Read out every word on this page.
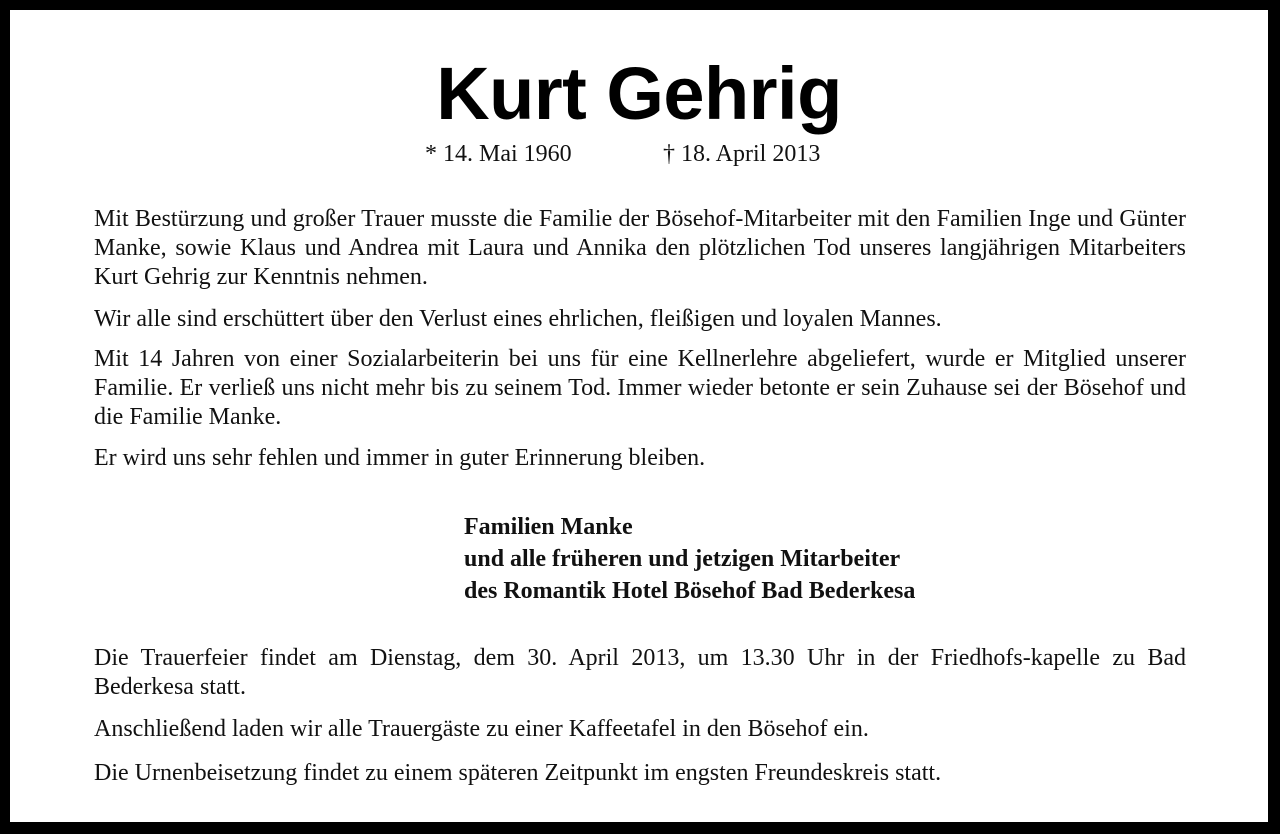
Kurt Gehrig
* 14. Mai 1960	† 18. April 2013

Mit Bestürzung und großer Trauer musste die Familie der Bösehof-Mitarbeiter mit den Familien Inge und Günter Manke, sowie Klaus und Andrea mit Laura und Annika den plötzlichen Tod unseres langjährigen Mitarbeiters Kurt Gehrig zur Kenntnis nehmen.

Wir alle sind erschüttert über den Verlust eines ehrlichen, fleißigen und loyalen Mannes.

Mit 14 Jahren von einer Sozialarbeiterin bei uns für eine Kellnerlehre abgeliefert, wurde er Mitglied unserer Familie. Er verließ uns nicht mehr bis zu seinem Tod. Immer wieder betonte er sein Zuhause sei der Bösehof und die Familie Manke.

Er wird uns sehr fehlen und immer in guter Erinnerung bleiben.

Familien Manke
und alle früheren und jetzigen Mitarbeiter
des Romantik Hotel Bösehof Bad Bederkesa

Die Trauerfeier findet am Dienstag, dem 30. April 2013, um 13.30 Uhr in der Friedhofs-kapelle zu Bad Bederkesa statt.

Anschließend laden wir alle Trauergäste zu einer Kaffeetafel in den Bösehof ein.

Die Urnenbeisetzung findet zu einem späteren Zeitpunkt im engsten Freundeskreis statt.
